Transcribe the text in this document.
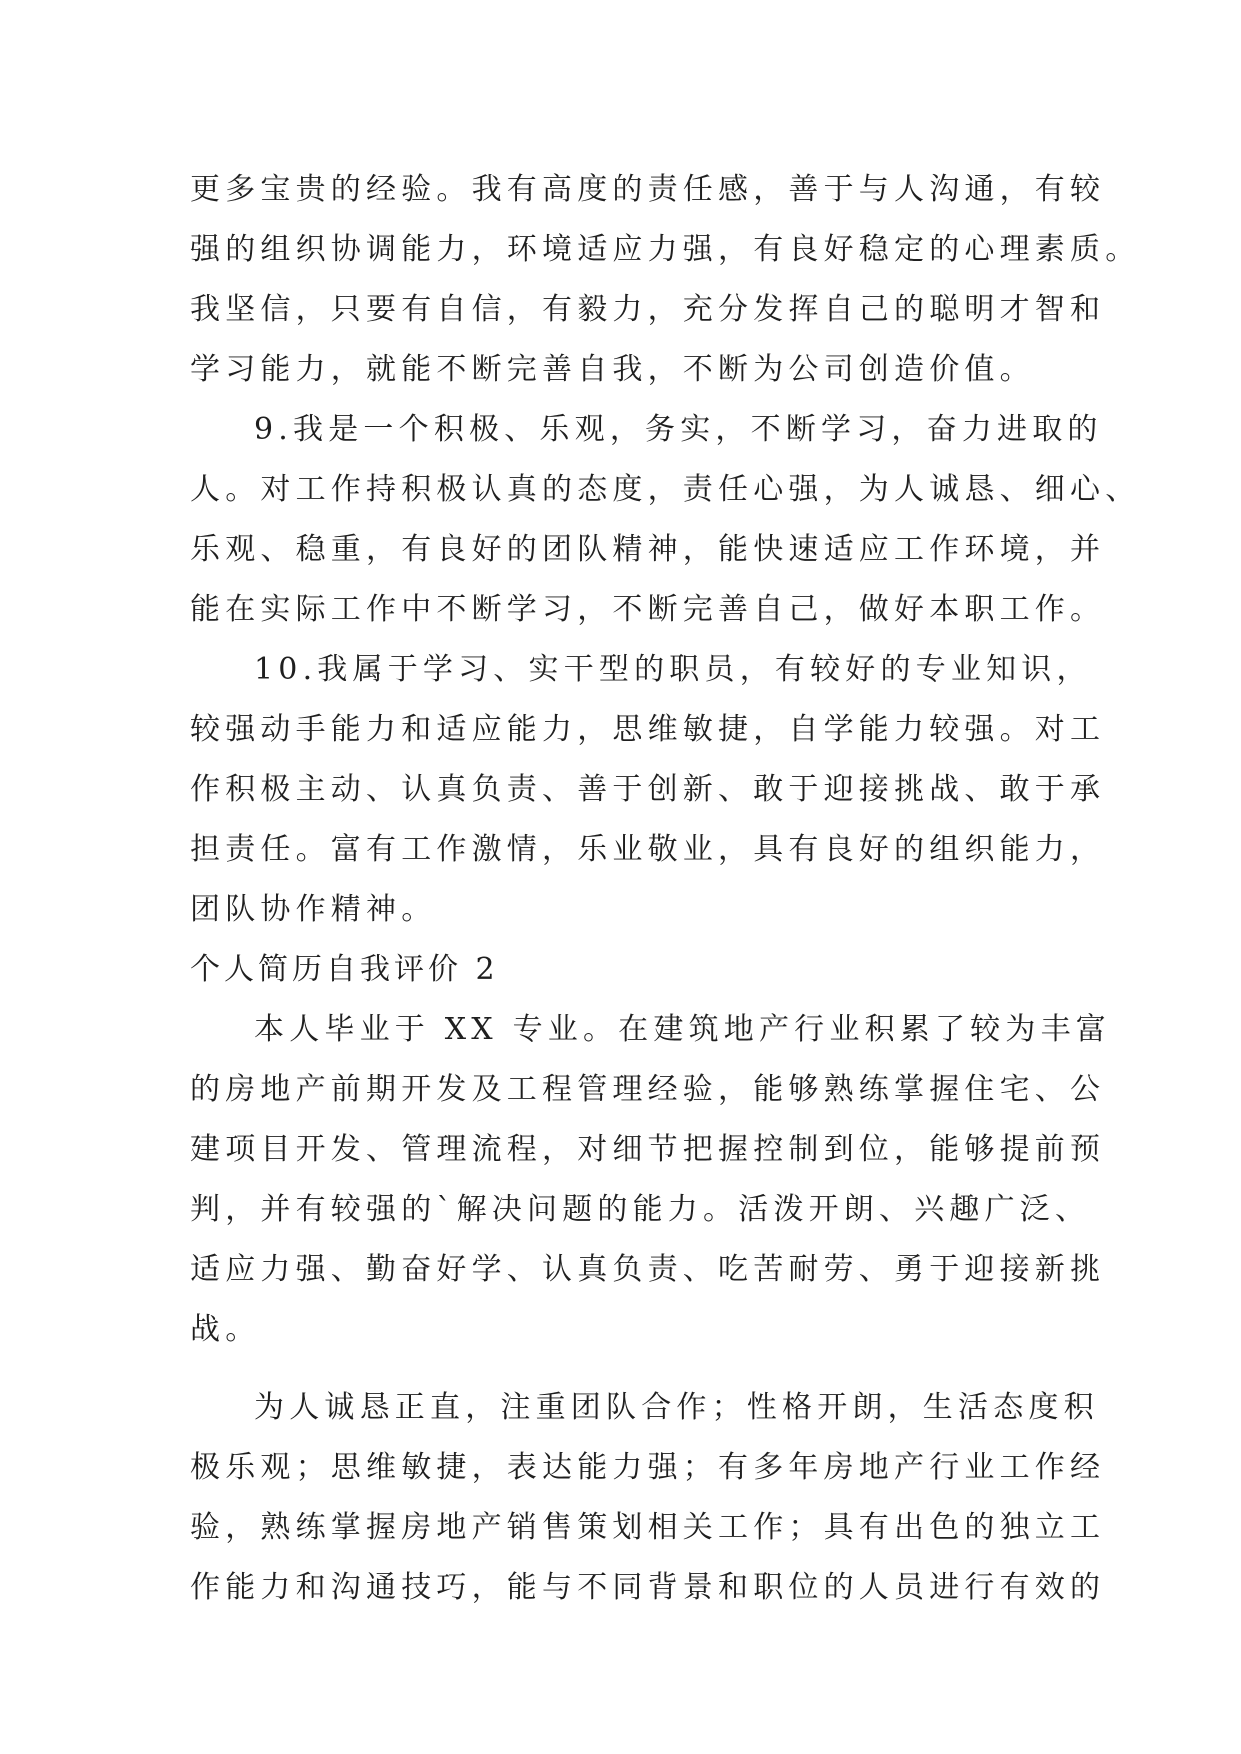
更多宝贵的经验。我有高度的责任感，善于与人沟通，有较
强的组织协调能力，环境适应力强，有良好稳定的心理素质。
我坚信，只要有自信，有毅力，充分发挥自己的聪明才智和
学习能力，就能不断完善自我，不断为公司创造价值。
9.我是一个积极、乐观，务实，不断学习，奋力进取的
人。对工作持积极认真的态度，责任心强，为人诚恳、细心、
乐观、稳重，有良好的团队精神，能快速适应工作环境，并
能在实际工作中不断学习，不断完善自己，做好本职工作。
10.我属于学习、实干型的职员，有较好的专业知识，
较强动手能力和适应能力，思维敏捷，自学能力较强。对工
作积极主动、认真负责、善于创新、敢于迎接挑战、敢于承
担责任。富有工作激情，乐业敬业，具有良好的组织能力，
团队协作精神。
个人简历自我评价 2
本人毕业于 XX 专业。在建筑地产行业积累了较为丰富
的房地产前期开发及工程管理经验，能够熟练掌握住宅、公
建项目开发、管理流程，对细节把握控制到位，能够提前预
判，并有较强的`解决问题的能力。活泼开朗、兴趣广泛、
适应力强、勤奋好学、认真负责、吃苦耐劳、勇于迎接新挑
战。
为人诚恳正直，注重团队合作；性格开朗，生活态度积
极乐观；思维敏捷，表达能力强；有多年房地产行业工作经
验，熟练掌握房地产销售策划相关工作；具有出色的独立工
作能力和沟通技巧，能与不同背景和职位的人员进行有效的
